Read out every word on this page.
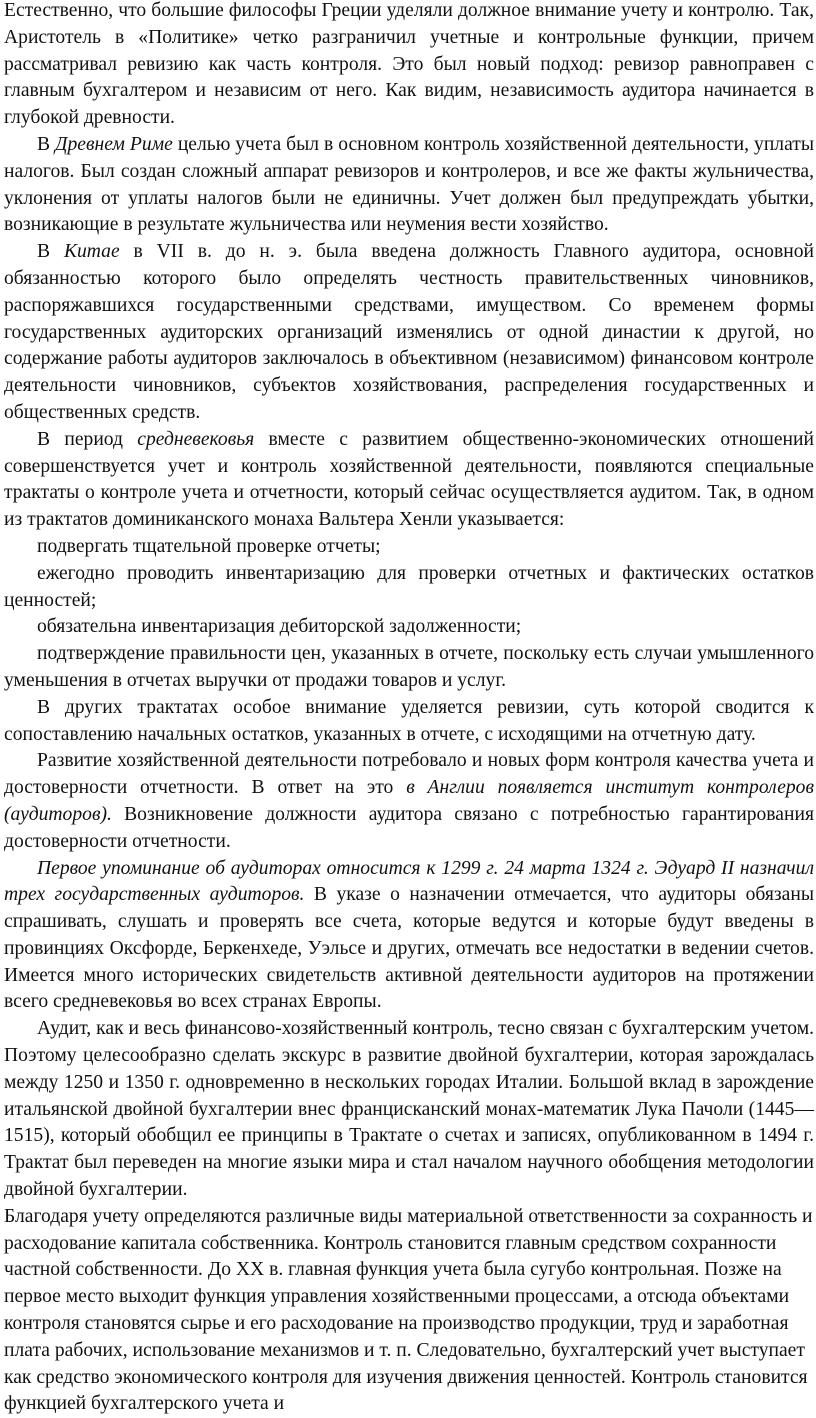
Естественно, что большие философы Греции уделяли должное внимание учету и контролю. Так, Аристотель в «Политике» четко разграничил учетные и контрольные функции, причем рассматривал ревизию как часть контроля. Это был новый подход: ревизор равноправен с главным бухгалтером и независим от него. Как видим, независимость аудитора начинается в глубокой древности.

В Древнем Риме целью учета был в основном контроль хозяйственной деятельности, уплаты налогов. Был создан сложный аппарат ревизоров и контролеров, и все же факты жульничества, уклонения от уплаты налогов были не единичны. Учет должен был предупреждать убытки, возникающие в результате жульничества или неумения вести хозяйство.

В Китае в VII в. до н. э. была введена должность Главного аудитора, основной обязанностью которого было определять честность правительственных чиновников, распоряжавшихся государственными средствами, имуществом. Со временем формы государственных аудиторских организаций изменялись от одной династии к другой, но содержание работы аудиторов заключалось в объективном (независимом) финансовом контроле деятельности чиновников, субъектов хозяйствования, распределения государственных и общественных средств.

В период средневековья вместе с развитием общественно-экономических отношений совершенствуется учет и контроль хозяйственной деятельности, появляются специальные трактаты о контроле учета и отчетности, который сейчас осуществляется аудитом. Так, в одном из трактатов доминиканского монаха Вальтера Хенли указывается:

подвергать тщательной проверке отчеты;

ежегодно проводить инвентаризацию для проверки отчетных и фактических остатков ценностей;

обязательна инвентаризация дебиторской задолженности;

подтверждение правильности цен, указанных в отчете, поскольку есть случаи умышленного уменьшения в отчетах выручки от продажи товаров и услуг.

В других трактатах особое внимание уделяется ревизии, суть которой сводится к сопоставлению начальных остатков, указанных в отчете, с исходящими на отчетную дату.

Развитие хозяйственной деятельности потребовало и новых форм контроля качества учета и достоверности отчетности. В ответ на это в Англии появляется институт контролеров (аудиторов). Возникновение должности аудитора связано с потребностью гарантирования достоверности отчетности.

Первое упоминание об аудиторах относится к 1299 г. 24 марта 1324 г. Эдуард II назначил трех государственных аудиторов. В указе о назначении отмечается, что аудиторы обязаны спрашивать, слушать и проверять все счета, которые ведутся и которые будут введены в провинциях Оксфорде, Беркенхеде, Уэльсе и других, отмечать все недостатки в ведении счетов. Имеется много исторических свидетельств активной деятельности аудиторов на протяжении всего средневековья во всех странах Европы.

Аудит, как и весь финансово-хозяйственный контроль, тесно связан с бухгалтерским учетом. Поэтому целесообразно сделать экскурс в развитие двойной бухгалтерии, которая зарождалась между 1250 и 1350 г. одновременно в нескольких городах Италии. Большой вклад в зарождение итальянской двойной бухгалтерии внес францисканский монах-математик Лука Пачоли (1445—1515), который обобщил ее принципы в Трактате о счетах и записях, опубликованном в 1494 г. Трактат был переведен на многие языки мира и стал началом научного обобщения методологии двойной бухгалтерии.

Благодаря учету определяются различные виды материальной ответственности за сохранность и расходование капитала собственника. Контроль становится главным средством сохранности частной собственности. До XX в. главная функция учета была сугубо контрольная. Позже на первое место выходит функция управления хозяйственными процессами, а отсюда объектами контроля становятся сырье и его расходование на производство продукции, труд и заработная плата рабочих, использование механизмов и т. п. Следовательно, бухгалтерский учет выступает как средство экономического контроля для изучения движения ценностей. Контроль становится функцией бухгалтерского учета и
